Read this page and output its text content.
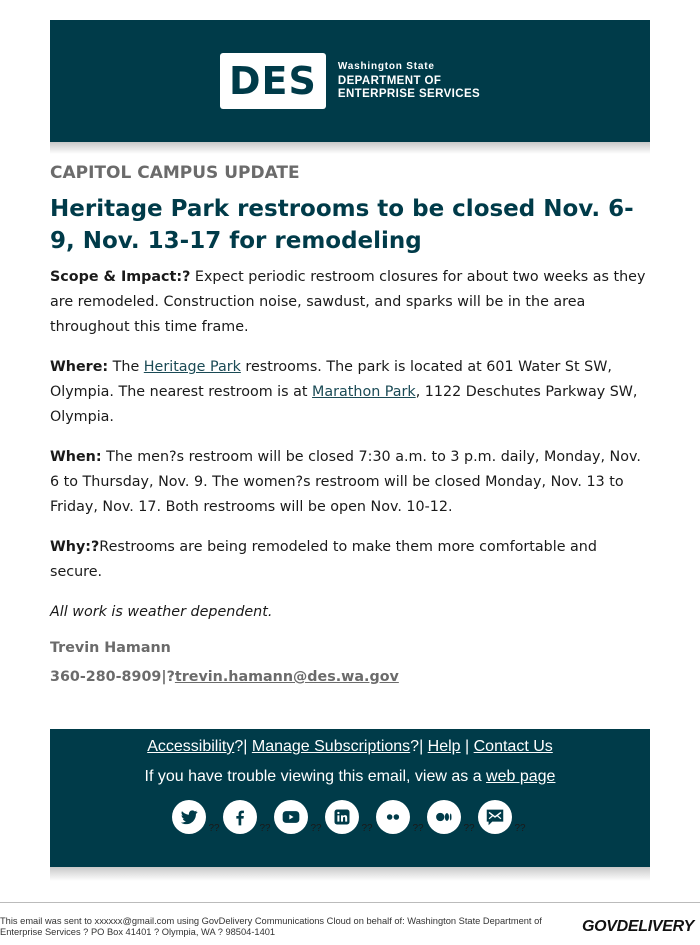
DES	Washington State
DEPARTMENT OF
ENTERPRISE SERVICES
CAPITOL CAMPUS UPDATE
Heritage Park restrooms to be closed Nov. 6-9, Nov. 13-17 for remodeling

Scope & Impact:? Expect periodic restroom closures for about two weeks as they are remodeled. Construction noise, sawdust, and sparks will be in the area throughout this time frame.

Where: The Heritage Park restrooms. The park is located at 601 Water St SW, Olympia. The nearest restroom is at Marathon Park, 1122 Deschutes Parkway SW, Olympia.

When: The men?s restroom will be closed 7:30 a.m. to 3 p.m. daily, Monday, Nov. 6 to Thursday, Nov. 9. The women?s restroom will be closed Monday, Nov. 13 to Friday, Nov. 17. Both restrooms will be open Nov. 10-12.

Why:?Restrooms are being remodeled to make them more comfortable and secure.

All work is weather dependent.

Trevin Hamann
360-280-8909|?trevin.hamann@des.wa.gov
Accessibility?| Manage Subscriptions?| Help | Contact Us
If you have trouble viewing this email, view as a web page
??	??	??	??	??	??	??
This email was sent to xxxxxx@gmail.com using GovDelivery Communications Cloud on behalf of: Washington State Department of Enterprise Services ? PO Box 41401 ? Olympia, WA ? 98504-1401	GOVDELIVERY
